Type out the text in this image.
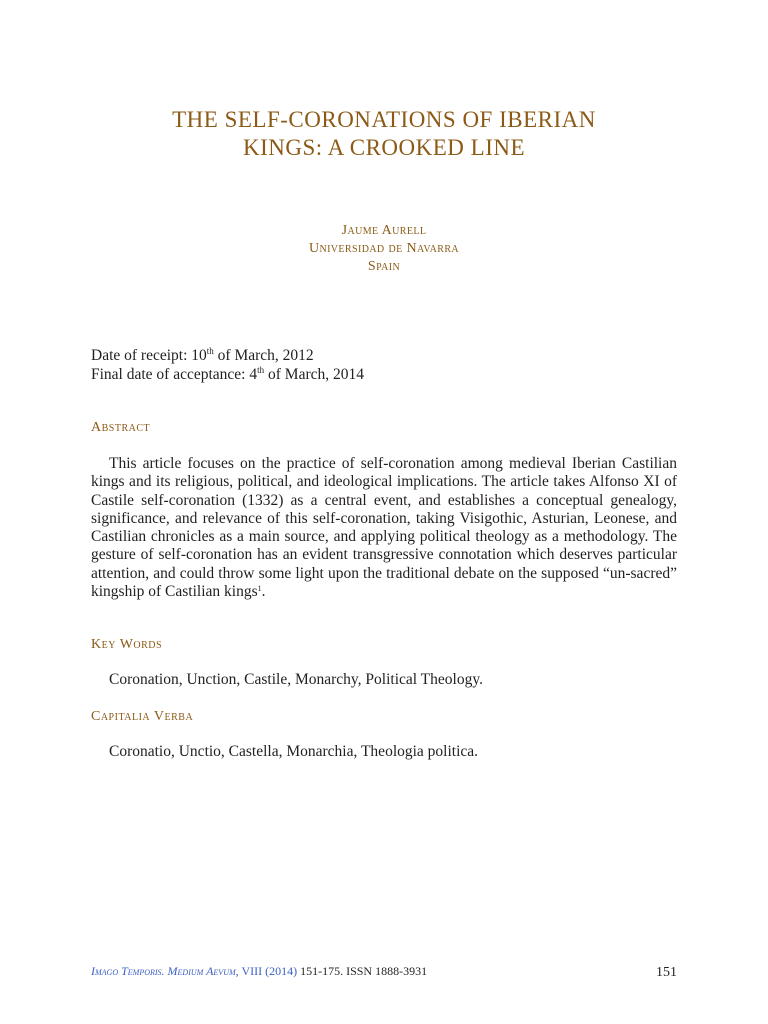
THE SELF-CORONATIONS OF IBERIAN
KINGS: A CROOKED LINE
Jaume Aurell
Universidad de Navarra
Spain
Date of receipt: 10th of March, 2012
Final date of acceptance: 4th of March, 2014
Abstract

This article focuses on the practice of self-coronation among medieval Iberian Castilian kings and its religious, political, and ideological implications. The article takes Alfonso XI of Castile self-coronation (1332) as a central event, and establishes a conceptual genealogy, significance, and relevance of this self-coronation, taking Visigothic, Asturian, Leonese, and Castilian chronicles as a main source, and applying political theology as a methodology. The gesture of self-coronation has an evident transgressive connotation which deserves particular attention, and could throw some light upon the traditional debate on the supposed “un-sacred” kingship of Castilian kings$^1$.

Key Words
Coronation, Unction, Castile, Monarchy, Political Theology.
Capitalia Verba
Coronatio, Unctio, Castella, Monarchia, Theologia politica.
Imago Temporis. Medium Aevum, VIII (2014) 151-175. ISSN 1888-3931	151
